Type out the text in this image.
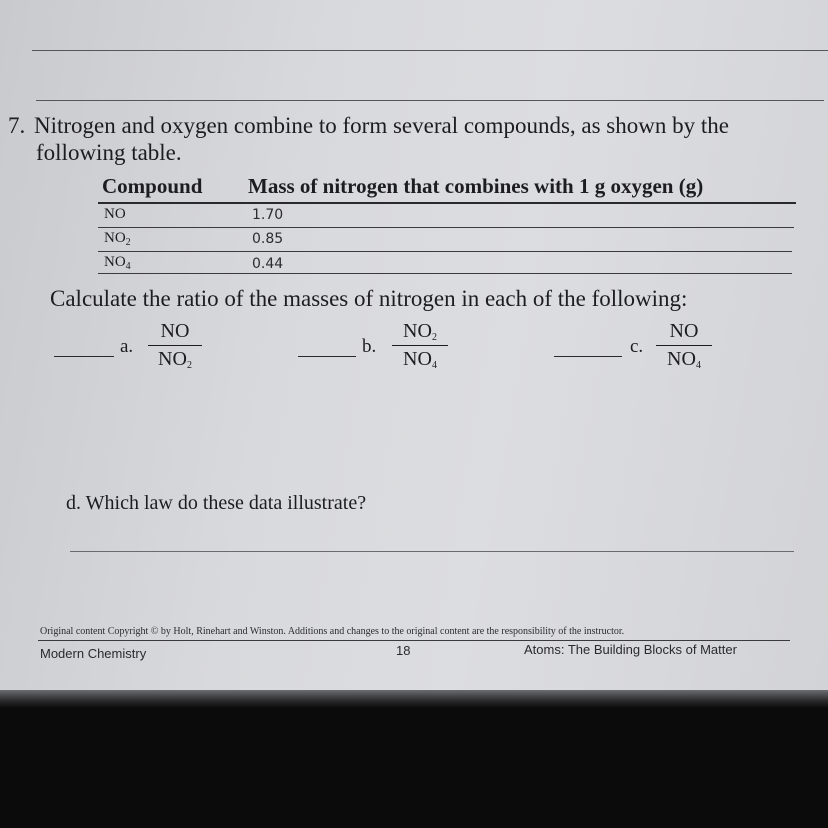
7. Nitrogen and oxygen combine to form several compounds, as shown by the
following table.
Compound Mass of nitrogen that combines with 1 g oxygen (g)
NO	1.70
$NO_2$	0.85
$NO_4$	0.44
Calculate the ratio of the masses of nitrogen in each of the following:
a.
NO
$NO_2$
b.
$NO_2$
$NO_4$
c.
NO
$NO_4$
d. Which law do these data illustrate?
Original content Copyright © by Holt, Rinehart and Winston. Additions and changes to the original content are the responsibility of the instructor.
Modern Chemistry	18	Atoms: The Building Blocks of Matter
